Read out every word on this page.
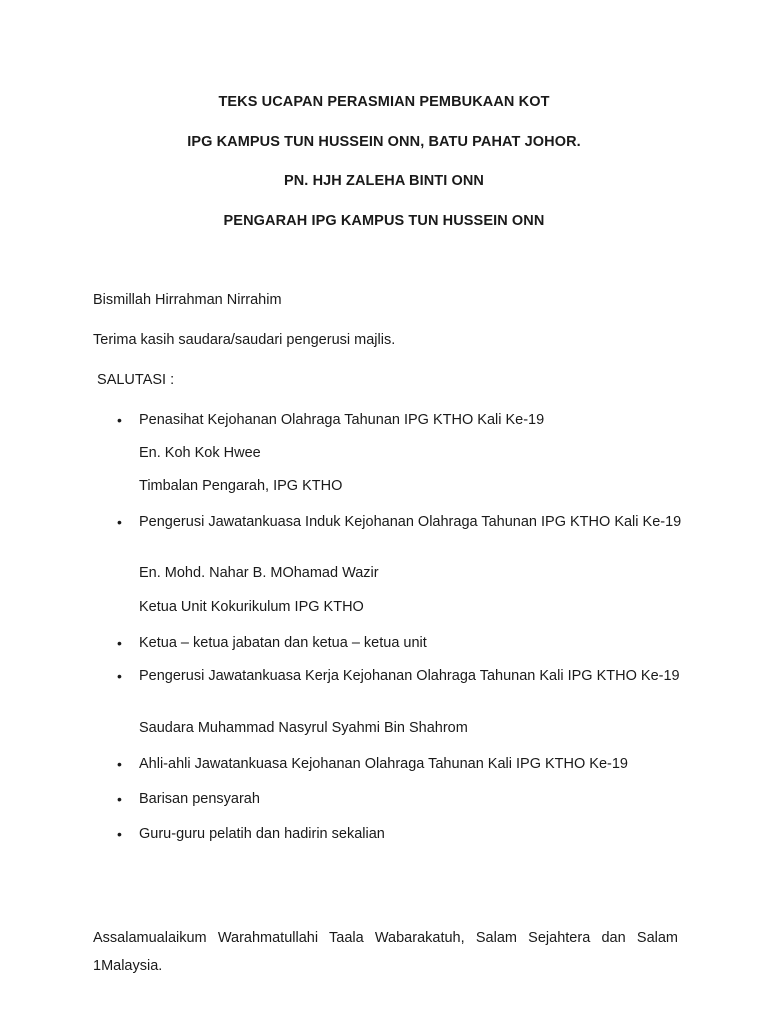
TEKS UCAPAN PERASMIAN PEMBUKAAN KOT
IPG KAMPUS TUN HUSSEIN ONN, BATU PAHAT JOHOR.
PN. HJH ZALEHA BINTI ONN
PENGARAH IPG KAMPUS TUN HUSSEIN ONN
Bismillah Hirrahman Nirrahim
Terima kasih saudara/saudari pengerusi majlis.
SALUTASI :
•	Penasihat Kejohanan Olahraga Tahunan IPG KTHO Kali Ke-19
En. Koh Kok Hwee
Timbalan Pengarah, IPG KTHO
•	Pengerusi Jawatankuasa Induk Kejohanan Olahraga Tahunan IPG KTHO Kali Ke-19
En. Mohd. Nahar B. MOhamad Wazir
Ketua Unit Kokurikulum IPG KTHO
•	Ketua – ketua jabatan dan ketua – ketua unit
•	Pengerusi Jawatankuasa Kerja Kejohanan Olahraga Tahunan Kali IPG KTHO Ke-19
Saudara Muhammad Nasyrul Syahmi Bin Shahrom
•	Ahli-ahli Jawatankuasa Kejohanan Olahraga Tahunan Kali IPG KTHO Ke-19
•	Barisan pensyarah
•	Guru-guru pelatih dan hadirin sekalian
Assalamualaikum Warahmatullahi Taala Wabarakatuh, Salam Sejahtera dan Salam 1Malaysia.
